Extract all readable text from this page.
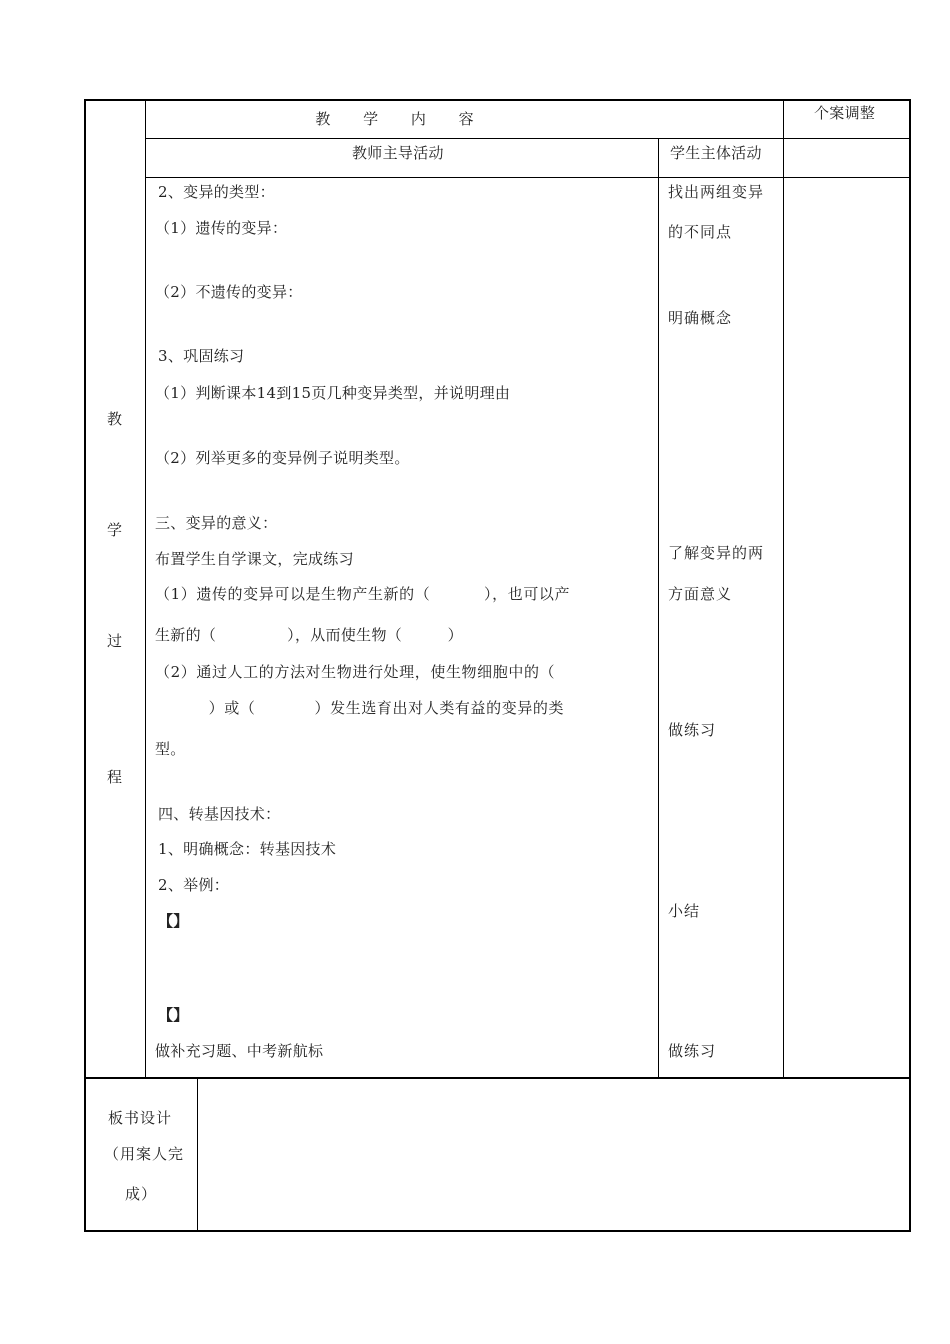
教 学 内 容	个案调整
教师主导活动	学生主体活动
教
学
过
程
2、变异的类型：
（1）遗传的变异：
（2）不遗传的变异：
3、巩固练习
（1）判断课本14到15页几种变异类型，并说明理由
（2）列举更多的变异例子说明类型。
三、变异的意义：
布置学生自学课文，完成练习
（1）遗传的变异可以是生物产生新的（          ），也可以产
生新的（              ），从而使生物（         ）
（2）通过人工的方法对生物进行处理，使生物细胞中的（
）或（           ）发生选育出对人类有益的变异的类
型。
四、转基因技术：
1、明确概念：转基因技术
2、举例：
【】
【】
做补充习题、中考新航标
找出两组变异
的不同点
明确概念
了解变异的两
方面意义
做练习
小结
做练习
板书设计
（用案人完
成）
